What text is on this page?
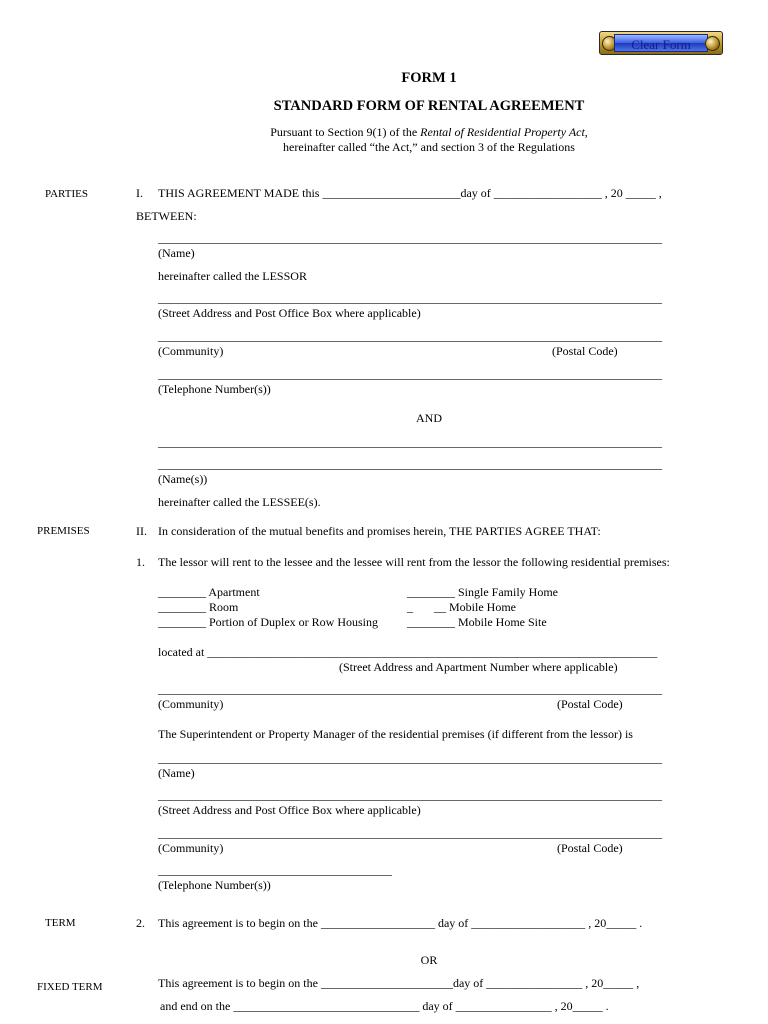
Clear Form
FORM 1
STANDARD FORM OF RENTAL AGREEMENT
Pursuant to Section 9(1) of the Rental of Residential Property Act,
hereinafter called “the Act,” and section 3 of the Regulations
PARTIES
PREMISES
TERM
FIXED TERM
I. THIS AGREEMENT MADE this _______________________day of __________________ , 20 _____ ,
BETWEEN:
____________________________________________________________________________________
(Name)
hereinafter called the LESSOR
____________________________________________________________________________________
(Street Address and Post Office Box where applicable)
____________________________________________________________________________________
(Community)	(Postal Code)
____________________________________________________________________________________
(Telephone Number(s))
AND
____________________________________________________________________________________
____________________________________________________________________________________
(Name(s))
hereinafter called the LESSEE(s).
II. In consideration of the mutual benefits and promises herein, THE PARTIES AGREE THAT:
1. The lessor will rent to the lessee and the lessee will rent from the lessor the following residential premises:
________ Apartment
________ Room
________ Portion of Duplex or Row Housing
________ Single Family Home
_       __ Mobile Home
________ Mobile Home Site
located at ___________________________________________________________________________
(Street Address and Apartment Number where applicable)
____________________________________________________________________________________
(Community)	(Postal Code)
The Superintendent or Property Manager of the residential premises (if different from the lessor) is
____________________________________________________________________________________
(Name)
____________________________________________________________________________________
(Street Address and Post Office Box where applicable)
____________________________________________________________________________________
(Community)	(Postal Code)
_______________________________________
(Telephone Number(s))
2. This agreement is to begin on the ___________________ day of ___________________ , 20_____ .
OR
This agreement is to begin on the ______________________day of ________________ , 20_____ ,
and end on the _______________________________ day of ________________ , 20_____ .
